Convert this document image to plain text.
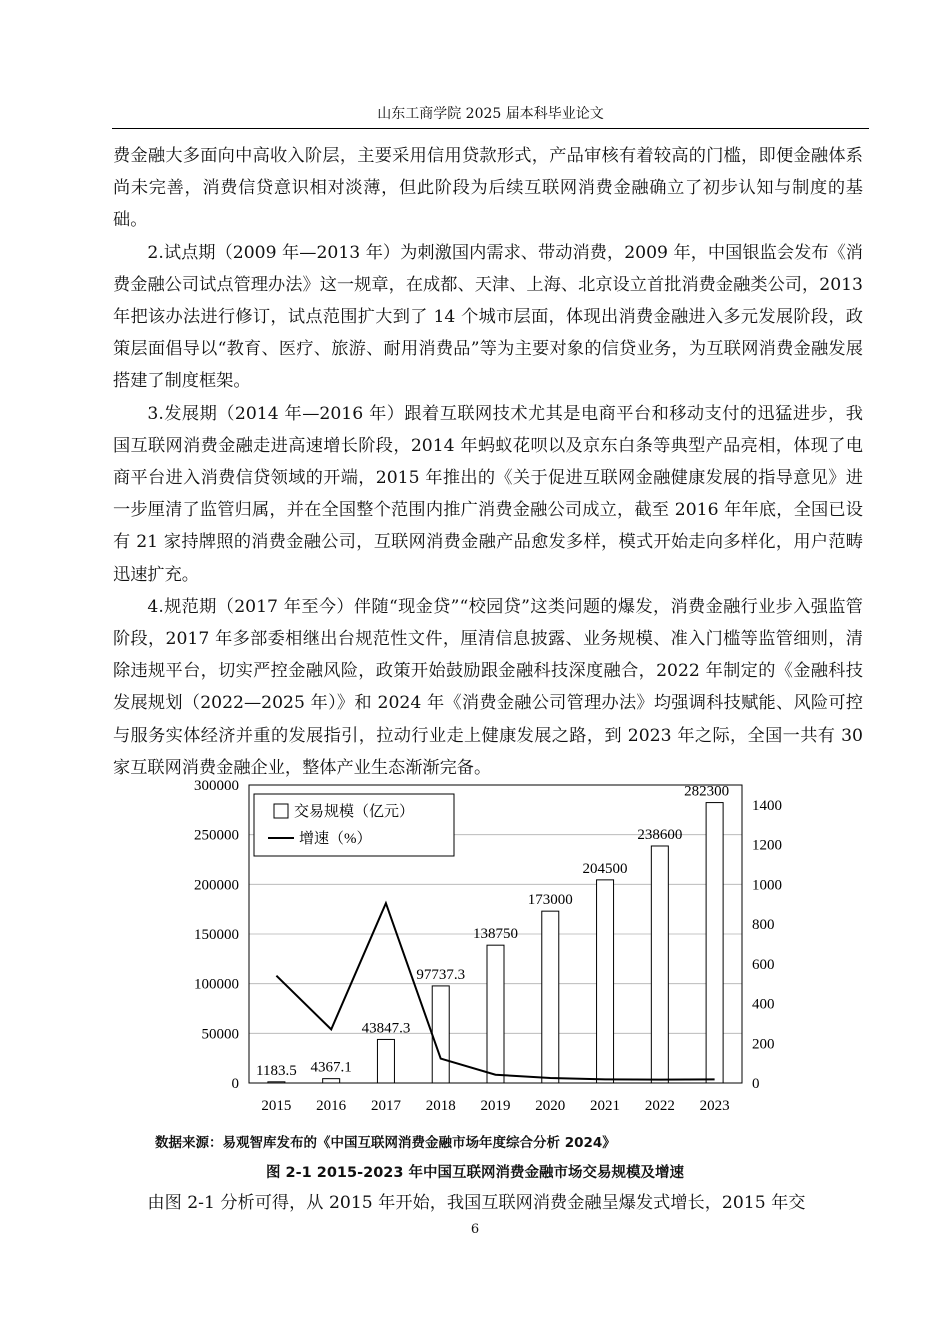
山东工商学院 2025 届本科毕业论文

费金融大多面向中高收入阶层，主要采用信用贷款形式，产品审核有着较高的门槛，即便金融体系尚未完善，消费信贷意识相对淡薄，但此阶段为后续互联网消费金融确立了初步认知与制度的基础。

2.试点期（2009 年—2013 年）为刺激国内需求、带动消费，2009 年，中国银监会发布《消费金融公司试点管理办法》这一规章，在成都、天津、上海、北京设立首批消费金融类公司，2013 年把该办法进行修订，试点范围扩大到了 14 个城市层面，体现出消费金融进入多元发展阶段，政策层面倡导以“教育、医疗、旅游、耐用消费品”等为主要对象的信贷业务，为互联网消费金融发展搭建了制度框架。

3.发展期（2014 年—2016 年）跟着互联网技术尤其是电商平台和移动支付的迅猛进步，我国互联网消费金融走进高速增长阶段，2014 年蚂蚁花呗以及京东白条等典型产品亮相，体现了电商平台进入消费信贷领域的开端，2015 年推出的《关于促进互联网金融健康发展的指导意见》进一步厘清了监管归属，并在全国整个范围内推广消费金融公司成立，截至 2016 年年底，全国已设有 21 家持牌照的消费金融公司，互联网消费金融产品愈发多样，模式开始走向多样化，用户范畴迅速扩充。

4.规范期（2017 年至今）伴随“现金贷”“校园贷”这类问题的爆发，消费金融行业步入强监管阶段，2017 年多部委相继出台规范性文件，厘清信息披露、业务规模、准入门槛等监管细则，清除违规平台，切实严控金融风险，政策开始鼓励跟金融科技深度融合，2022 年制定的《金融科技发展规划（2022—2025 年）》和 2024 年《消费金融公司管理办法》均强调科技赋能、风险可控与服务实体经济并重的发展指引，拉动行业走上健康发展之路，到 2023 年之际，全国一共有 30 家互联网消费金融企业，整体产业生态渐渐完备。

1183.5 4367.1
43847.3
97737.3
138750
173000
204500
238600
282300
0
50000
100000
150000
200000
250000
300000
0
200
400
600
800
1000
1200
1400
2015 2016 2017 2018 2019 2020 2021 2022 2023
交易规模（亿元）
增速（%）
数据来源：易观智库发布的《中国互联网消费金融市场年度综合分析 2024》
图 2-1 2015-2023 年中国互联网消费金融市场交易规模及增速

由图 2-1 分析可得，从 2015 年开始，我国互联网消费金融呈爆发式增长，2015 年交

6
